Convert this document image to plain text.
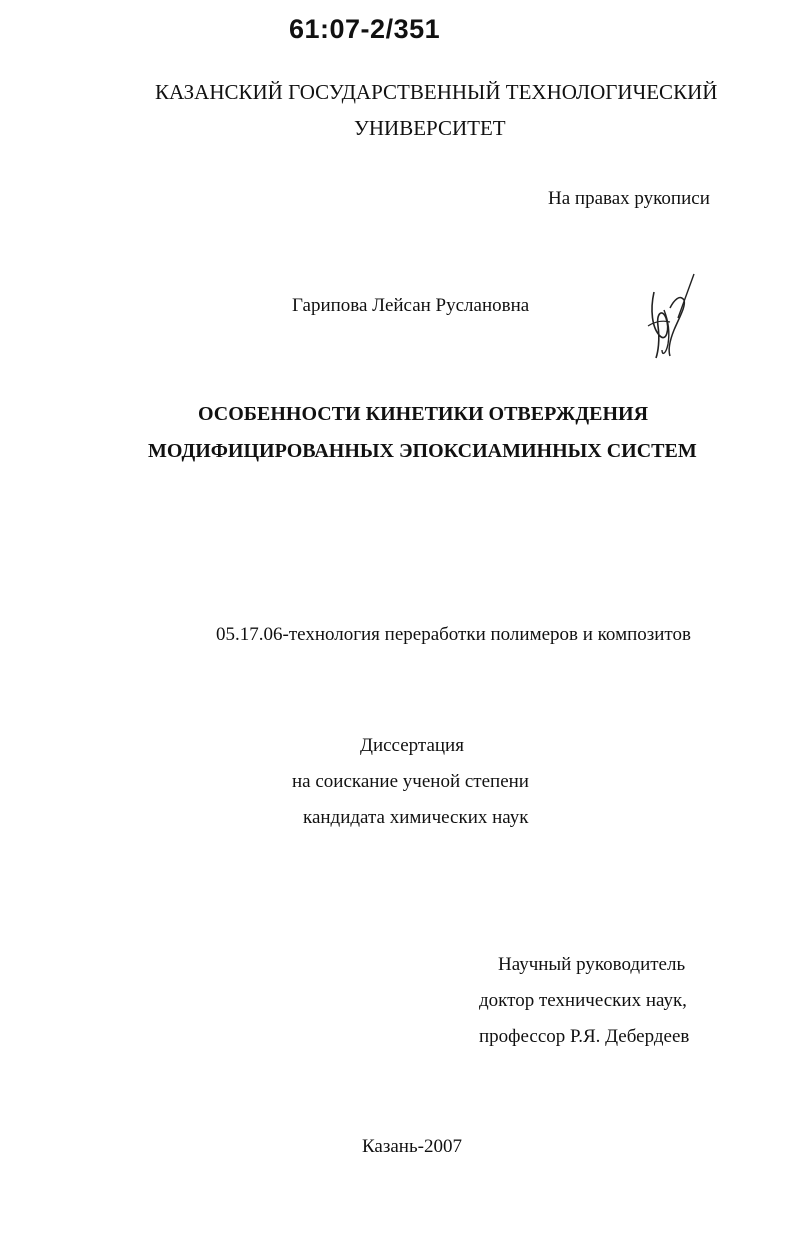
61:07-2/351
КАЗАНСКИЙ ГОСУДАРСТВЕННЫЙ ТЕХНОЛОГИЧЕСКИЙ
УНИВЕРСИТЕТ
На правах рукописи
Гарипова Лейсан Руслановна
ОСОБЕННОСТИ КИНЕТИКИ ОТВЕРЖДЕНИЯ
МОДИФИЦИРОВАННЫХ ЭПОКСИАМИННЫХ СИСТЕМ
05.17.06-технология переработки полимеров и композитов
Диссертация
на соискание ученой степени
кандидата химических наук
Научный руководитель
доктор технических наук,
профессор Р.Я. Дебердеев
Казань-2007
